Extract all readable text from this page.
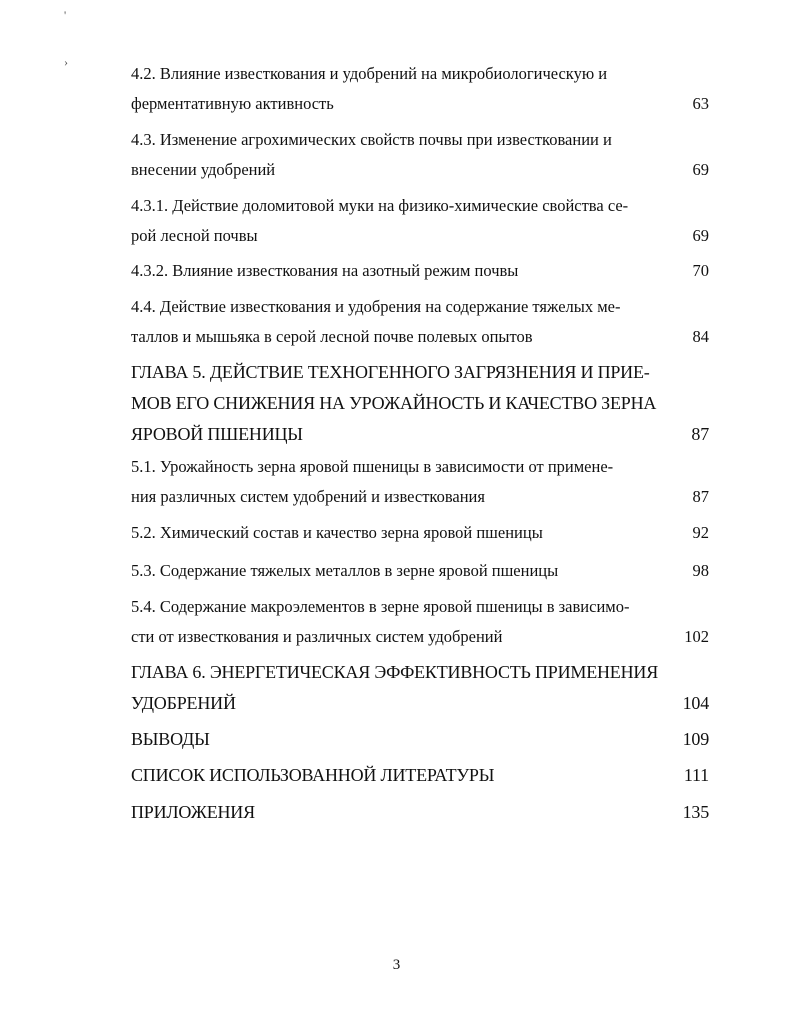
'
›
4.2. Влияние известкования и удобрений на микробиологическую и
ферментативную активность	63
4.3. Изменение агрохимических свойств почвы при известковании и
внесении удобрений	69
4.3.1. Действие доломитовой муки на физико-химические свойства се-
рой лесной почвы	69
4.3.2. Влияние известкования на азотный режим почвы	70
4.4. Действие известкования и удобрения на содержание тяжелых ме-
таллов и мышьяка в серой лесной почве полевых опытов	84
ГЛАВА 5. ДЕЙСТВИЕ ТЕХНОГЕННОГО ЗАГРЯЗНЕНИЯ И ПРИЕ-
МОВ ЕГО СНИЖЕНИЯ НА УРОЖАЙНОСТЬ И КАЧЕСТВО ЗЕРНА
ЯРОВОЙ ПШЕНИЦЫ	87
5.1. Урожайность зерна яровой пшеницы в зависимости от примене-
ния различных систем удобрений и известкования	87
5.2. Химический состав и качество зерна яровой пшеницы	92
5.3. Содержание тяжелых металлов в зерне яровой пшеницы	98
5.4. Содержание макроэлементов в зерне яровой пшеницы в зависимо-
сти от известкования и различных систем удобрений	102
ГЛАВА 6. ЭНЕРГЕТИЧЕСКАЯ ЭФФЕКТИВНОСТЬ ПРИМЕНЕНИЯ
УДОБРЕНИЙ	104
ВЫВОДЫ	109
СПИСОК ИСПОЛЬЗОВАННОЙ ЛИТЕРАТУРЫ	111
ПРИЛОЖЕНИЯ	135
3
